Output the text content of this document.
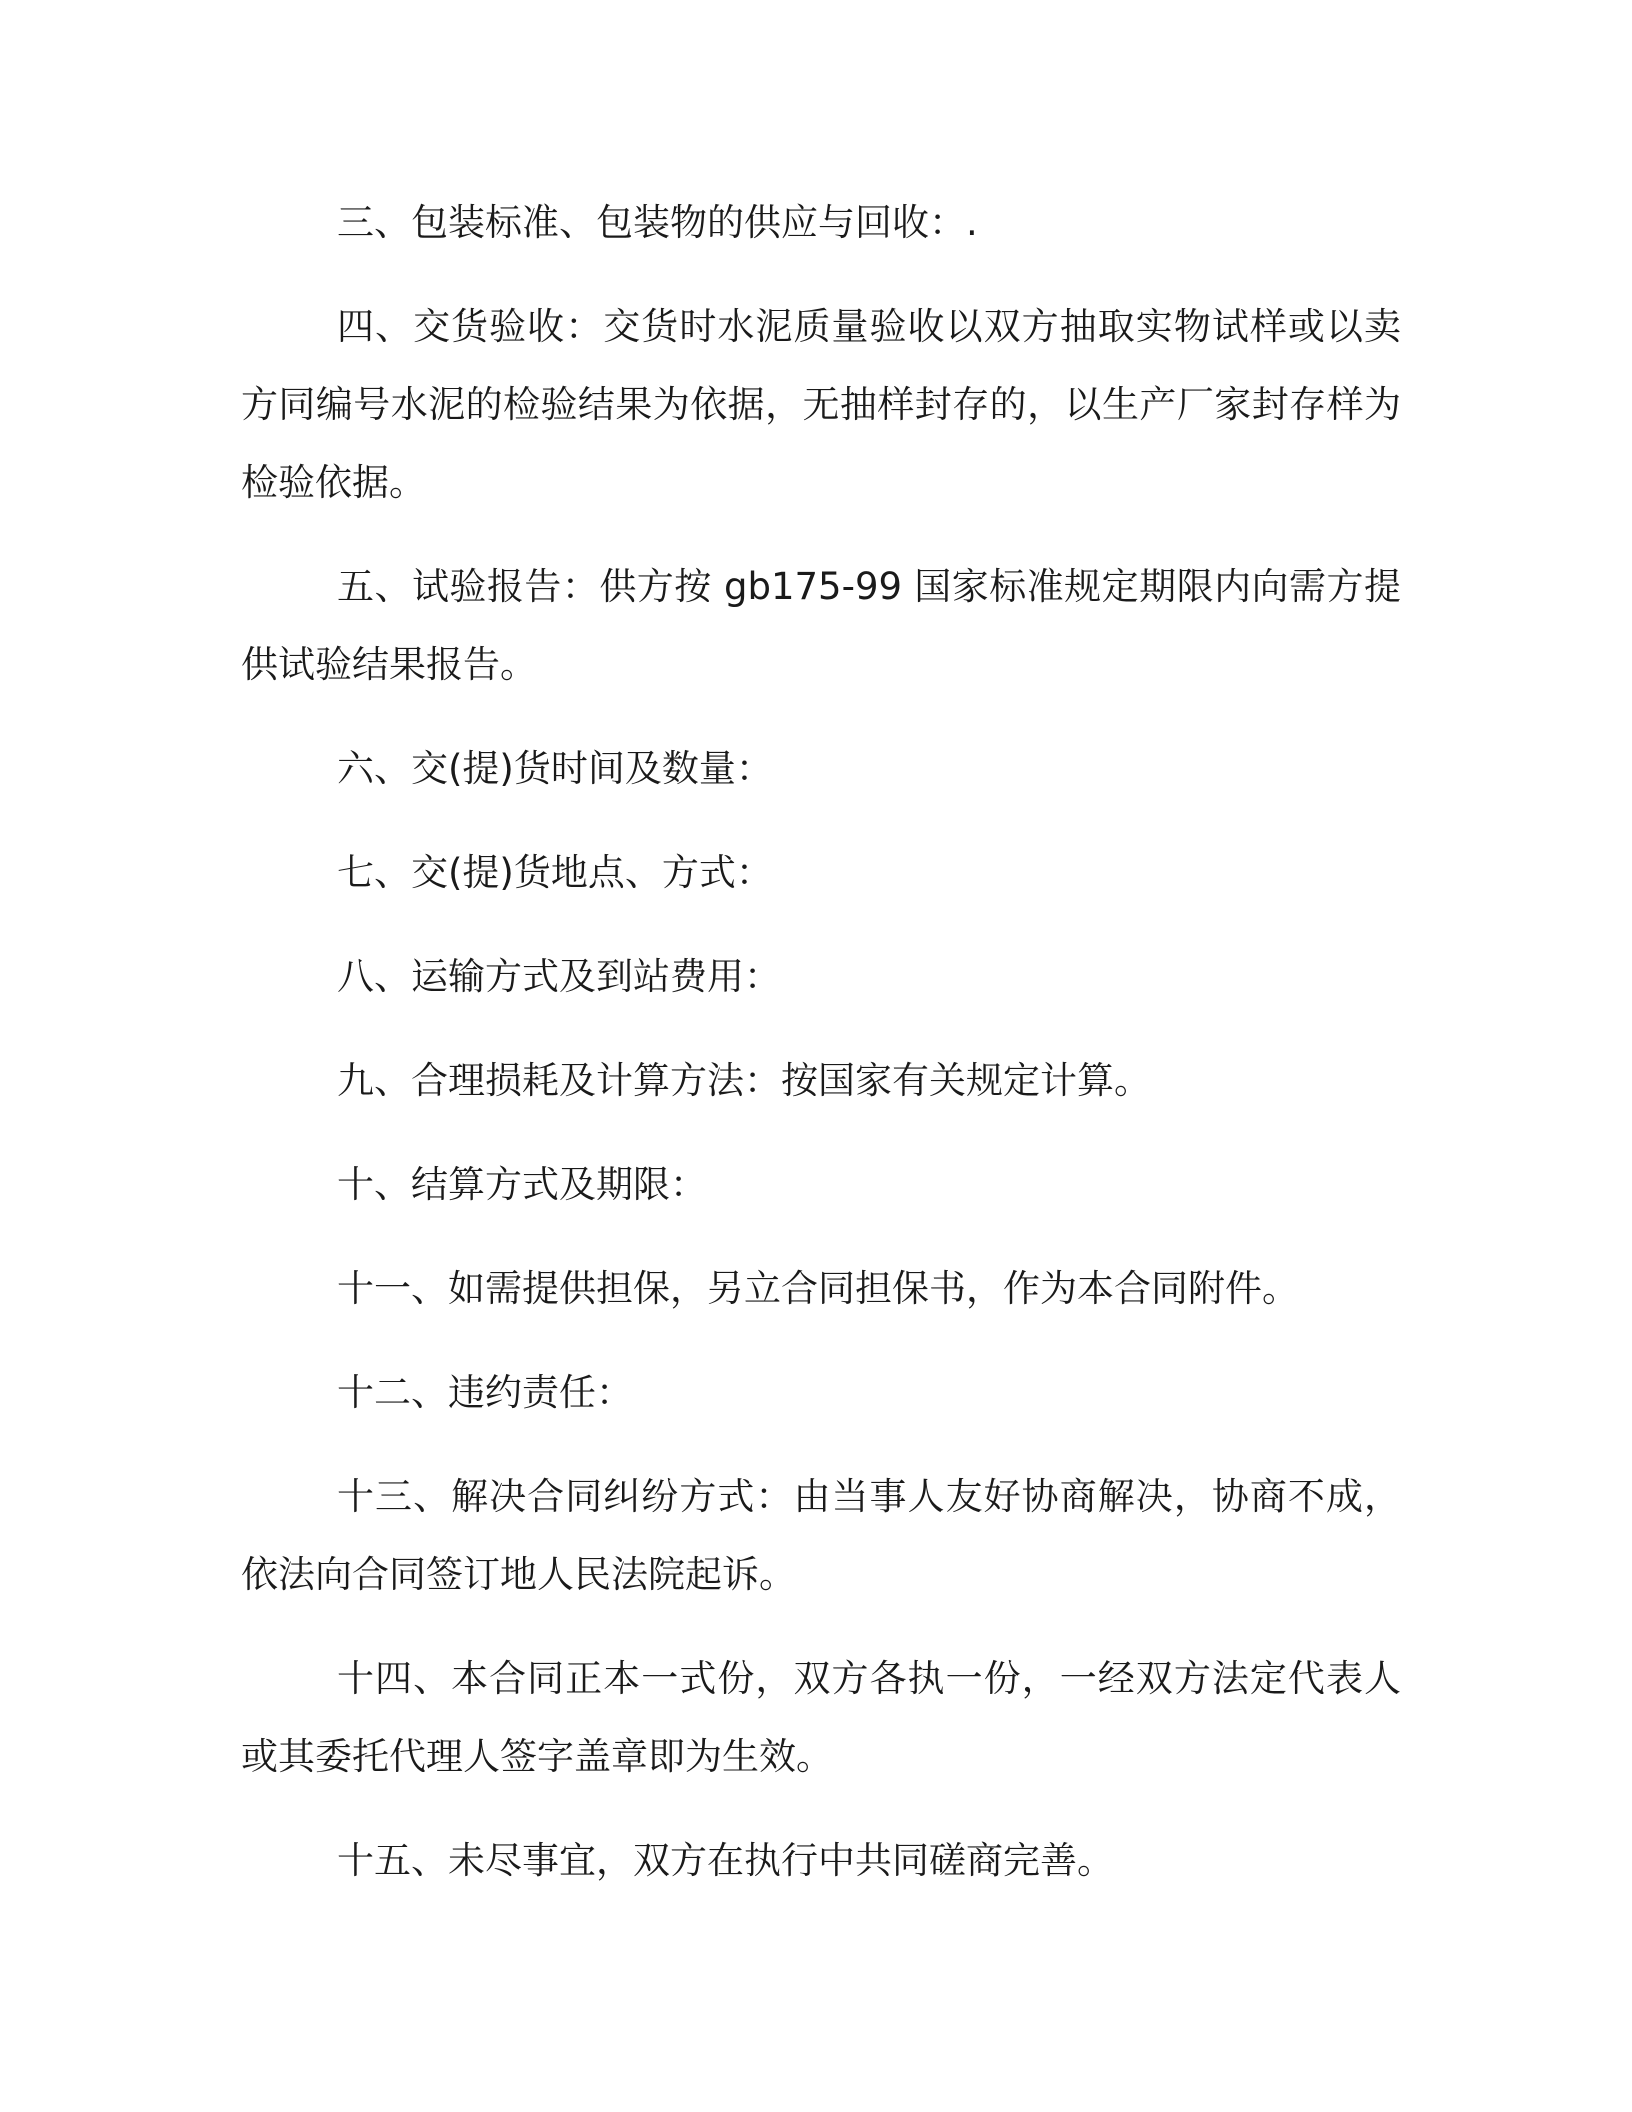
三、包装标准、包装物的供应与回收：.

四、交货验收：交货时水泥质量验收以双方抽取实物试样或以卖方同编号水泥的检验结果为依据，无抽样封存的，以生产厂家封存样为检验依据。

五、试验报告：供方按 gb175-99 国家标准规定期限内向需方提供试验结果报告。

六、交(提)货时间及数量：

七、交(提)货地点、方式：

八、运输方式及到站费用：

九、合理损耗及计算方法：按国家有关规定计算。

十、结算方式及期限：

十一、如需提供担保，另立合同担保书，作为本合同附件。

十二、违约责任：

十三、解决合同纠纷方式：由当事人友好协商解决，协商不成，依法向合同签订地人民法院起诉。

十四、本合同正本一式份，双方各执一份，一经双方法定代表人或其委托代理人签字盖章即为生效。

十五、未尽事宜，双方在执行中共同磋商完善。
